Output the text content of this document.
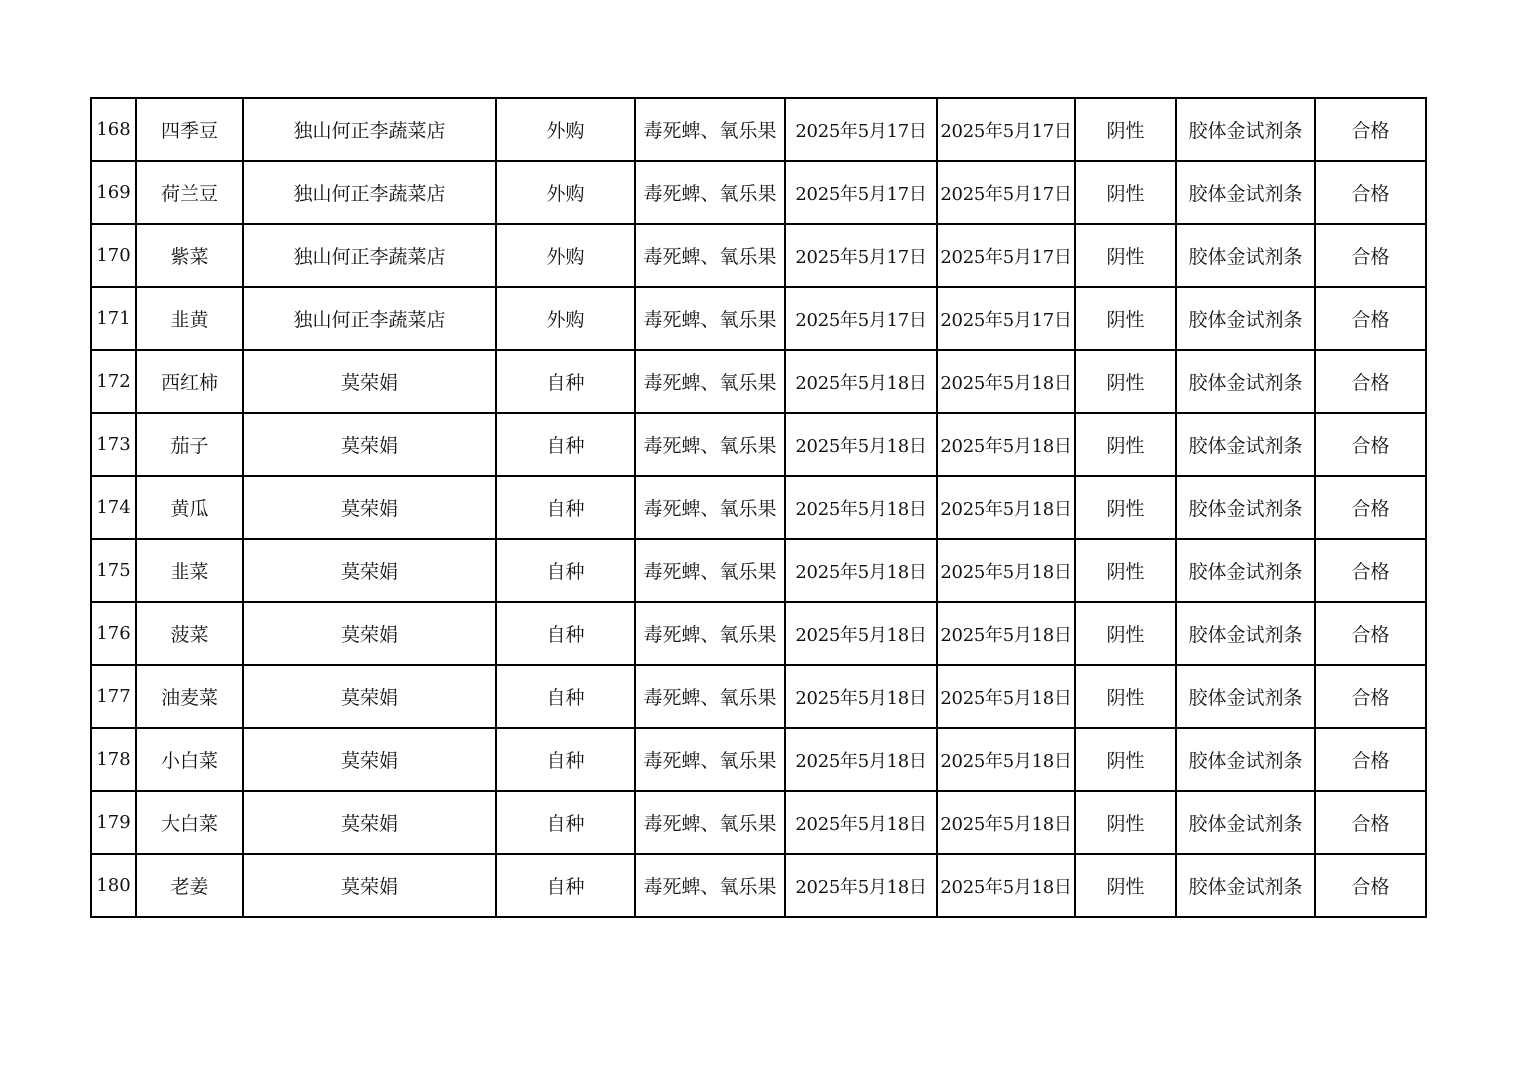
168	四季豆	独山何正李蔬菜店	外购	毒死蜱、氧乐果	2025年5月17日	2025年5月17日	阴性	胶体金试剂条	合格
169	荷兰豆	独山何正李蔬菜店	外购	毒死蜱、氧乐果	2025年5月17日	2025年5月17日	阴性	胶体金试剂条	合格
170	紫菜	独山何正李蔬菜店	外购	毒死蜱、氧乐果	2025年5月17日	2025年5月17日	阴性	胶体金试剂条	合格
171	韭黄	独山何正李蔬菜店	外购	毒死蜱、氧乐果	2025年5月17日	2025年5月17日	阴性	胶体金试剂条	合格
172	西红柿	莫荣娟	自种	毒死蜱、氧乐果	2025年5月18日	2025年5月18日	阴性	胶体金试剂条	合格
173	茄子	莫荣娟	自种	毒死蜱、氧乐果	2025年5月18日	2025年5月18日	阴性	胶体金试剂条	合格
174	黄瓜	莫荣娟	自种	毒死蜱、氧乐果	2025年5月18日	2025年5月18日	阴性	胶体金试剂条	合格
175	韭菜	莫荣娟	自种	毒死蜱、氧乐果	2025年5月18日	2025年5月18日	阴性	胶体金试剂条	合格
176	菠菜	莫荣娟	自种	毒死蜱、氧乐果	2025年5月18日	2025年5月18日	阴性	胶体金试剂条	合格
177	油麦菜	莫荣娟	自种	毒死蜱、氧乐果	2025年5月18日	2025年5月18日	阴性	胶体金试剂条	合格
178	小白菜	莫荣娟	自种	毒死蜱、氧乐果	2025年5月18日	2025年5月18日	阴性	胶体金试剂条	合格
179	大白菜	莫荣娟	自种	毒死蜱、氧乐果	2025年5月18日	2025年5月18日	阴性	胶体金试剂条	合格
180	老姜	莫荣娟	自种	毒死蜱、氧乐果	2025年5月18日	2025年5月18日	阴性	胶体金试剂条	合格
